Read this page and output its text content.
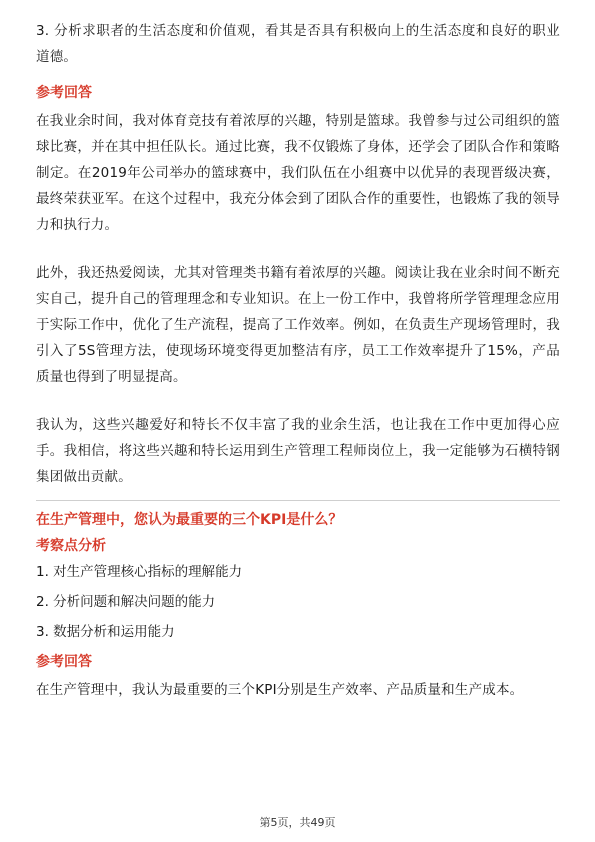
3. 分析求职者的生活态度和价值观，看其是否具有积极向上的生活态度和良好的职业道德。

参考回答

在我业余时间，我对体育竞技有着浓厚的兴趣，特别是篮球。我曾参与过公司组织的篮球比赛，并在其中担任队长。通过比赛，我不仅锻炼了身体，还学会了团队合作和策略制定。在2019年公司举办的篮球赛中，我们队伍在小组赛中以优异的表现晋级决赛，最终荣获亚军。在这个过程中，我充分体会到了团队合作的重要性，也锻炼了我的领导力和执行力。

此外，我还热爱阅读，尤其对管理类书籍有着浓厚的兴趣。阅读让我在业余时间不断充实自己，提升自己的管理理念和专业知识。在上一份工作中，我曾将所学管理理念应用于实际工作中，优化了生产流程，提高了工作效率。例如，在负责生产现场管理时，我引入了5S管理方法，使现场环境变得更加整洁有序，员工工作效率提升了15%，产品质量也得到了明显提高。

我认为，这些兴趣爱好和特长不仅丰富了我的业余生活，也让我在工作中更加得心应手。我相信，将这些兴趣和特长运用到生产管理工程师岗位上，我一定能够为石横特钢集团做出贡献。

在生产管理中，您认为最重要的三个KPI是什么？

考察点分析

1. 对生产管理核心指标的理解能力

2. 分析问题和解决问题的能力

3. 数据分析和运用能力

参考回答

在生产管理中，我认为最重要的三个KPI分别是生产效率、产品质量和生产成本。

第5页，共49页
